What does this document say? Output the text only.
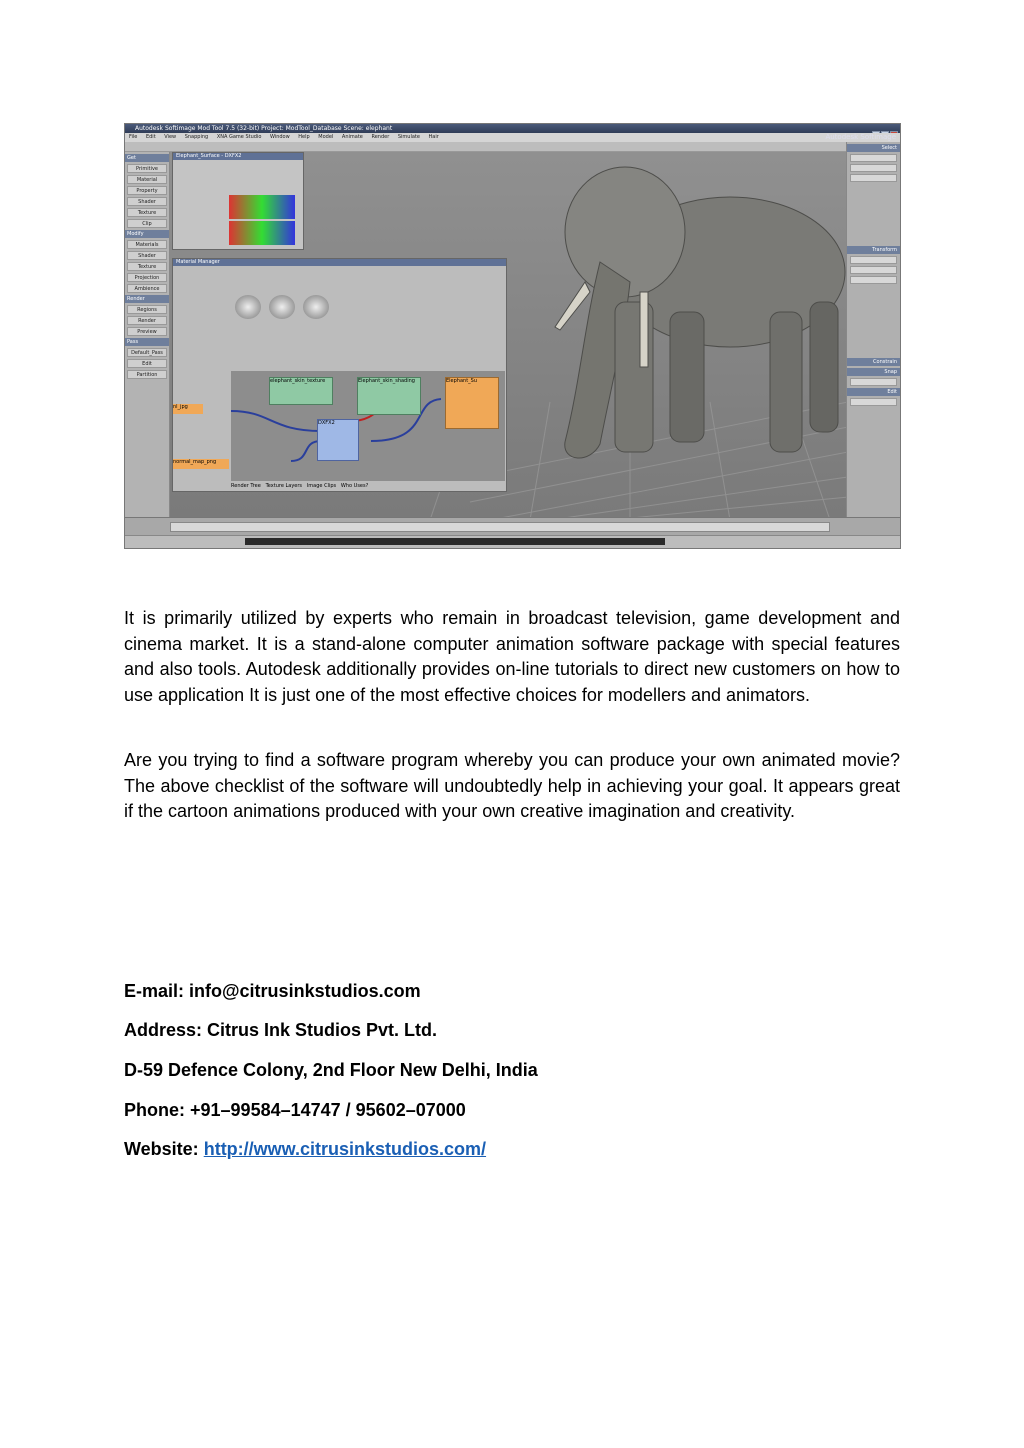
Autodesk Softimage Mod Tool 7.5 (32-bit) Project: ModTool_Database Scene: elephant
File Edit View Snapping XNA Game Studio Window Help Model Animate Render Simulate Hair	Autodesk Softimage
Get
Primitive
Material
Property
Shader
Texture
Clip
Modify
Materials
Shader
Texture
Projection
Ambience
Render
Regions
Render
Preview
Pass
Default_Pass
Edit
Partition
Elephant_Surface - DXFX2
Material Manager
elephant_skin_texture	Elephant_skin_shading	Elephant_Su
DXFX2
nl_jpg
normal_map_png
Render Tree Texture Layers Image Clips Who Uses?
Select
Transform
Constrain
Snap
Edit

It is primarily utilized by experts who remain in broadcast television, game development and cinema market. It is a stand-alone computer animation software package with special features and also tools. Autodesk additionally provides on-line tutorials to direct new customers on how to use application It is just one of the most effective choices for modellers and animators.

Are you trying to find a software program whereby you can produce your own animated movie? The above checklist of the software will undoubtedly help in achieving your goal. It appears great if the cartoon animations produced with your own creative imagination and creativity.

E-mail: info@citrusinkstudios.com

Address: Citrus Ink Studios Pvt. Ltd.

D-59 Defence Colony, 2nd Floor New Delhi, India

Phone: +91–99584–14747 / 95602–07000

Website: http://www.citrusinkstudios.com/
